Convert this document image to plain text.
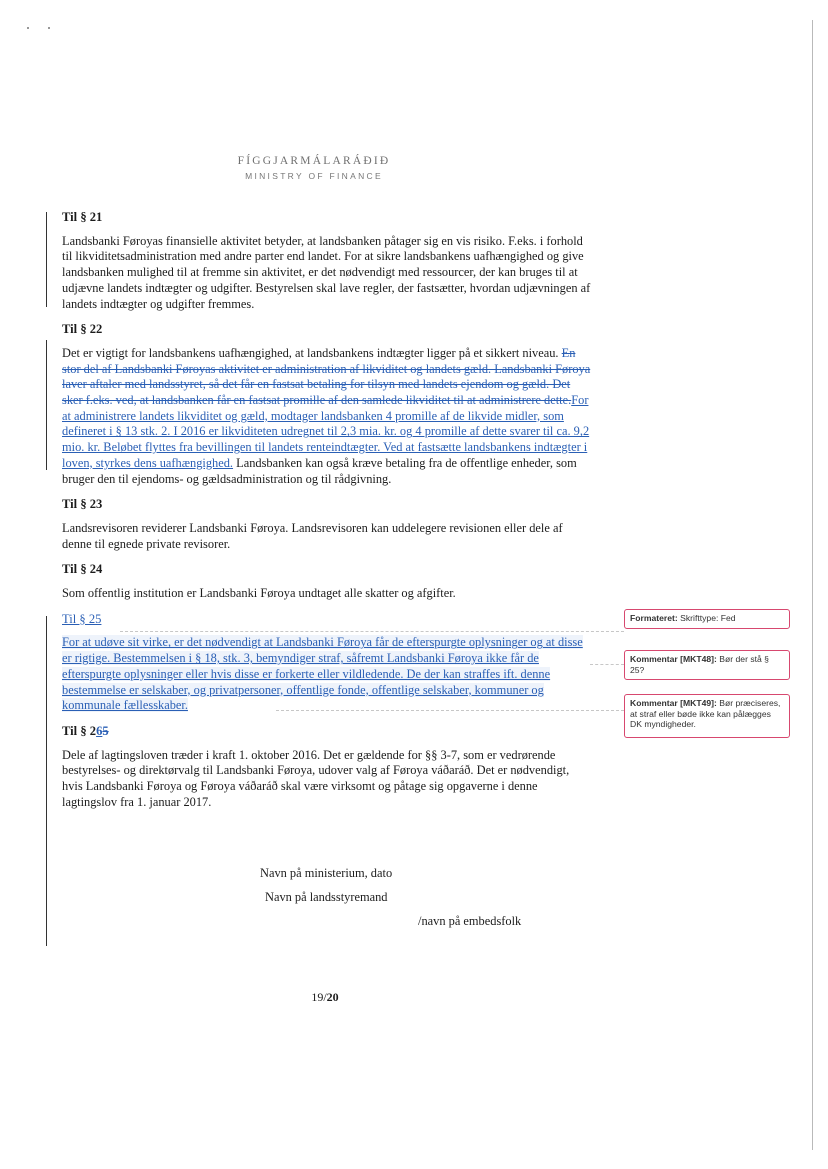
FÍGGJARMÁLARÁÐIÐ
MINISTRY OF FINANCE
Til § 21

Landsbanki Føroyas finansielle aktivitet betyder, at landsbanken påtager sig en vis risiko. F.eks. i forhold til likviditetsadministration med andre parter end landet. For at sikre landsbankens uafhængighed og give landsbanken mulighed til at fremme sin aktivitet, er det nødvendigt med ressourcer, der kan bruges til at udjævne landets indtægter og udgifter. Bestyrelsen skal lave regler, der fastsætter, hvordan udjævningen af landets indtægter og udgifter fremmes.

Til § 22

Det er vigtigt for landsbankens uafhængighed, at landsbankens indtægter ligger på et sikkert niveau. En stor del af Landsbanki Føroyas aktivitet er administration af likviditet og landets gæld. Landsbanki Føroya laver aftaler med landsstyret, så det får en fastsat betaling for tilsyn med landets ejendom og gæld. Det sker f.eks. ved, at landsbanken får en fastsat promille af den samlede likviditet til at administrere dette.For at administrere landets likviditet og gæld, modtager landsbanken 4 promille af de likvide midler, som defineret i § 13 stk. 2. I 2016 er likviditeten udregnet til 2,3 mia. kr. og 4 promille af dette svarer til ca. 9,2 mio. kr. Beløbet flyttes fra bevillingen til landets renteindtægter. Ved at fastsætte landsbankens indtægter i loven, styrkes dens uafhængighed. Landsbanken kan også kræve betaling fra de offentlige enheder, som bruger den til ejendoms- og gældsadministration og til rådgivning.

Til § 23

Landsrevisoren reviderer Landsbanki Føroya. Landsrevisoren kan uddelegere revisionen eller dele af denne til egnede private revisorer.

Til § 24

Som offentlig institution er Landsbanki Føroya undtaget alle skatter og afgifter.

Til § 25

For at udøve sit virke, er det nødvendigt at Landsbanki Føroya får de efterspurgte oplysninger og at disse er rigtige. Bestemmelsen i § 18, stk. 3, bemyndiger straf, såfremt Landsbanki Føroya ikke får de efterspurgte oplysninger eller hvis disse er forkerte eller vildledende. De der kan straffes ift. denne bestemmelse er selskaber, og privatpersoner, offentlige fonde, offentlige selskaber, kommuner og kommunale fællesskaber.

Til § 265

Dele af lagtingsloven træder i kraft 1. oktober 2016. Det er gældende for §§ 3-7, som er vedrørende bestyrelses- og direktørvalg til Landsbanki Føroya, udover valg af Føroya váðaráð. Det er nødvendigt, hvis Landsbanki Føroya og Føroya váðaráð skal være virksomt og påtage sig opgaverne i denne lagtingslov fra 1. januar 2017.

Navn på ministerium, dato
Navn på landsstyremand
/navn på embedsfolk
19/20
Formateret: Skrifttype: Fed
Kommentar [MKT48]: Bør der stå § 25?
Kommentar [MKT49]: Bør præciseres, at straf eller bøde ikke kan pålægges DK myndigheder.
